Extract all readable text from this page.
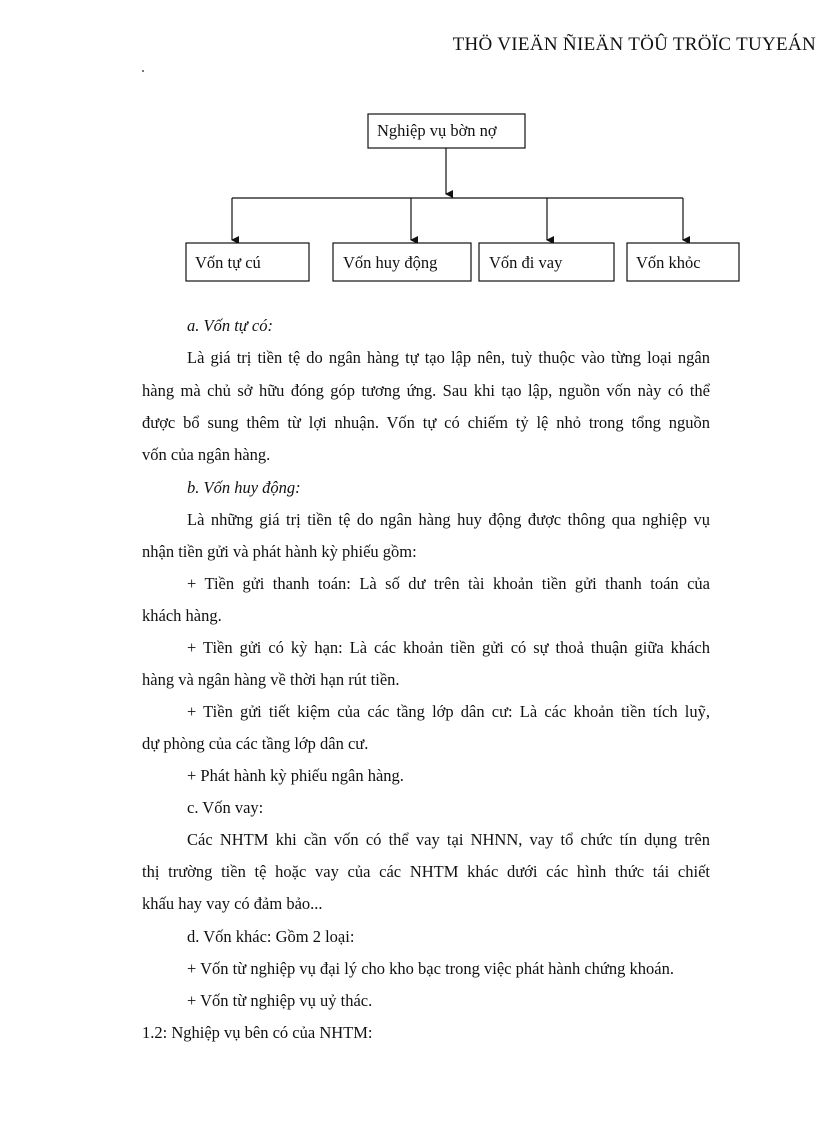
THÖ VIEÄN ÑIEÄN TÖÛ TRÖÏC TUYEÁN
Nghiệp vụ bờn nợ
Vốn tự cú	Vốn huy động	Vốn đi vay	Vốn khỏc
a. Vốn tự có:
Là giá trị tiền tệ do ngân hàng tự tạo lập nên, tuỳ thuộc vào từng loại ngân
hàng mà chủ sở hữu đóng góp tương ứng. Sau khi tạo lập, nguồn vốn này có thể
được bổ sung thêm từ lợi nhuận. Vốn tự có chiếm tỷ lệ nhỏ trong tổng nguồn
vốn của ngân hàng.
b. Vốn huy động:
Là những giá trị tiền tệ do ngân hàng huy động được thông qua nghiệp vụ
nhận tiền gửi và phát hành kỳ phiếu gồm:
+ Tiền gửi thanh toán: Là số dư trên tài khoản tiền gửi thanh toán của
khách hàng.
+ Tiền gửi có kỳ hạn: Là các khoản tiền gửi có sự thoả thuận giữa khách
hàng và ngân hàng về thời hạn rút tiền.
+ Tiền gửi tiết kiệm của các tầng lớp dân cư: Là các khoản tiền tích luỹ,
dự phòng của các tầng lớp dân cư.
+ Phát hành kỳ phiếu ngân hàng.
c. Vốn vay:
Các NHTM khi cần vốn có thể vay tại NHNN, vay tổ chức tín dụng trên
thị trường tiền tệ hoặc vay của các NHTM khác dưới các hình thức tái chiết
khấu hay vay có đảm bảo...
d. Vốn khác: Gồm 2 loại:
+ Vốn từ nghiệp vụ đại lý cho kho bạc trong việc phát hành chứng khoán.
+ Vốn từ nghiệp vụ uỷ thác.
1.2: Nghiệp vụ bên có của NHTM:
